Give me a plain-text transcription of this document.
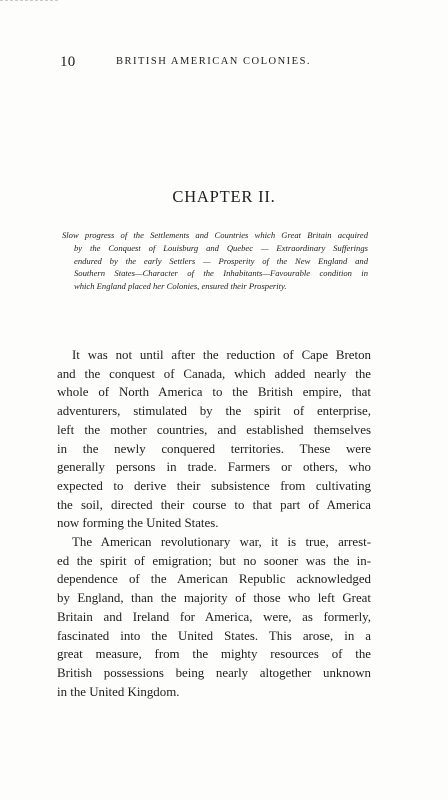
10	BRITISH AMERICAN COLONIES.
CHAPTER II.
Slow progress of the Settlements and Countries which Great Britain acquired
by the Conquest of Louisburg and Quebec — Extraordinary Sufferings
endured by the early Settlers — Prosperity of the New England and
Southern States—Character of the Inhabitants—Favourable condition in
which England placed her Colonies, ensured their Prosperity.

It was not until after the reduction of Cape Breton
and the conquest of Canada, which added nearly the
whole of North America to the British empire, that
adventurers, stimulated by the spirit of enterprise,
left the mother countries, and established themselves
in the newly conquered territories. These were
generally persons in trade. Farmers or others, who
expected to derive their subsistence from cultivating
the soil, directed their course to that part of America
now forming the United States.

The American revolutionary war, it is true, arrest-
ed the spirit of emigration; but no sooner was the in-
dependence of the American Republic acknowledged
by England, than the majority of those who left Great
Britain and Ireland for America, were, as formerly,
fascinated into the United States. This arose, in a
great measure, from the mighty resources of the
British possessions being nearly altogether unknown
in the United Kingdom.
